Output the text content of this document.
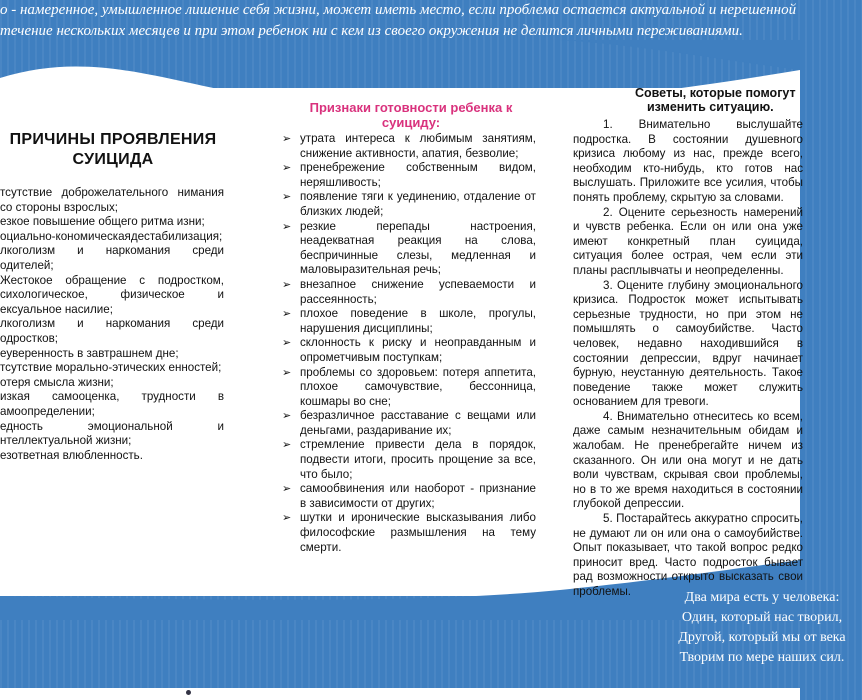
о - намеренное, умышленное лишение себя жизни, может иметь место, если проблема остается актуальной и нерешенной
течение нескольких месяцев и при этом ребенок ни с кем из своего окружения не делится личными переживаниями.
ПРИЧИНЫ ПРОЯВЛЕНИЯ СУИЦИДА

тсутствие доброжелательного нимания со стороны взрослых;

езкое повышение общего ритма изни;

оциально-кономическаядестабилизация;

лкоголизм и наркомания среди одителей;

Жестокое обращение с подростком, сихологическое, физическое и ексуальное насилие;

лкоголизм и наркомания среди одростков;

еуверенность в завтрашнем дне;

тсутствие морально-этических енностей;

отеря смысла жизни;

изкая самооценка, трудности в амоопределении;

едность эмоциональной и нтеллектуальной жизни;

езответная влюбленность.

Признаки готовности ребенка к суициду:
➢ утрата интереса к любимым занятиям, снижение активности, апатия, безволие;
➢ пренебрежение собственным видом, неряшливость;
➢ появление тяги к уединению, отдаление от близких людей;
➢ резкие перепады настроения, неадекватная реакция на слова, беспричинные слезы, медленная и маловыразительная речь;
➢ внезапное снижение успеваемости и рассеянность;
➢ плохое поведение в школе, прогулы, нарушения дисциплины;
➢ склонность к риску и неоправданным и опрометчивым поступкам;
➢ проблемы со здоровьем: потеря аппетита, плохое самочувствие, бессонница, кошмары во сне;
➢ безразличное расставание с вещами или деньгами, раздаривание их;
➢ стремление привести дела в порядок, подвести итоги, просить прощение за все, что было;
➢ самообвинения или наоборот - признание в зависимости от других;
➢ шутки и иронические высказывания либо философские размышления на тему смерти.
Советы, которые помогут
изменить ситуацию.

1. Внимательно выслушайте подростка. В состоянии душевного кризиса любому из нас, прежде всего, необходим кто-нибудь, кто готов нас выслушать. Приложите все усилия, чтобы понять проблему, скрытую за словами.

2. Оцените серьезность намерений и чувств ребенка. Если он или она уже имеют конкретный план суицида, ситуация более острая, чем если эти планы расплывчаты и неопределенны.

3. Оцените глубину эмоционального кризиса. Подросток может испытывать серьезные трудности, но при этом не помышлять о самоубийстве. Часто человек, недавно находившийся в состоянии депрессии, вдруг начинает бурную, неустанную деятельность. Такое поведение также может служить основанием для тревоги.

4. Внимательно отнеситесь ко всем, даже самым незначительным обидам и жалобам. Не пренебрегайте ничем из сказанного. Он или она могут и не дать воли чувствам, скрывая свои проблемы, но в то же время находиться в состоянии глубокой депрессии.

5. Постарайтесь аккуратно спросить, не думают ли он или она о самоубийстве. Опыт показывает, что такой вопрос редко приносит вред. Часто подросток бывает рад возможности открыто высказать свои проблемы.	Два мира есть у человека:
Один, который нас творил,
Другой, который мы от века
Творим по мере наших сил.
